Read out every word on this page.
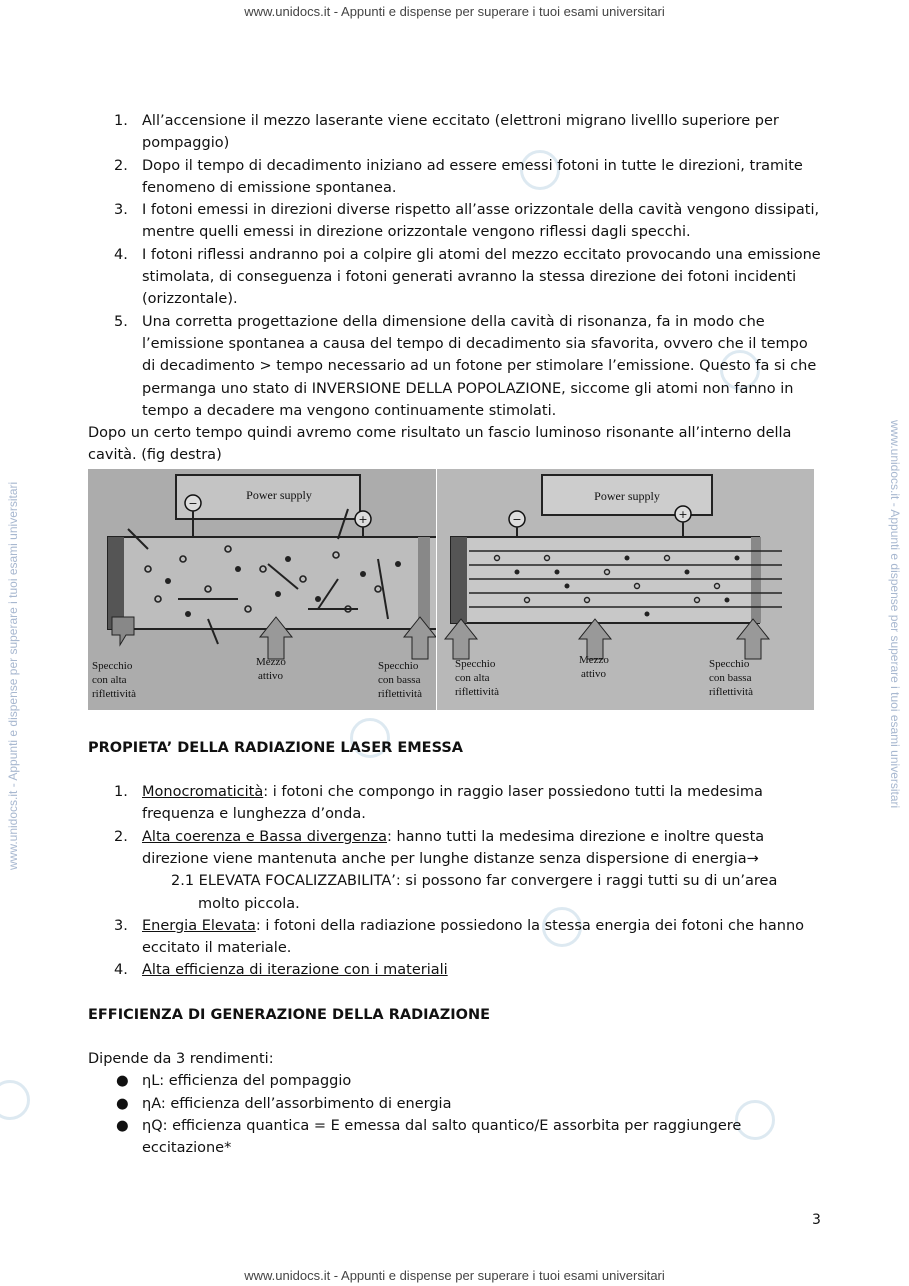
www.unidocs.it - Appunti e dispense per superare i tuoi esami universitari
www.unidocs.it - Appunti e dispense per superare i tuoi esami universitari
www.unidocs.it - Appunti e dispense per superare i tuoi esami universitari	www.unidocs.it - Appunti e dispense per superare i tuoi esami universitari
1. All’accensione il mezzo laserante viene eccitato (elettroni migrano livelllo superiore per pompaggio)
2. Dopo il tempo di decadimento iniziano ad essere emessi fotoni in tutte le direzioni, tramite fenomeno di emissione spontanea.
3. I fotoni emessi in direzioni diverse rispetto all’asse orizzontale della cavità vengono dissipati, mentre quelli emessi in direzione orizzontale vengono riflessi dagli specchi.
4. I fotoni riflessi andranno poi a colpire gli atomi del mezzo eccitato provocando una emissione stimolata, di conseguenza i fotoni generati avranno la stessa direzione dei fotoni incidenti (orizzontale).
5. Una corretta progettazione della dimensione della cavità di risonanza, fa in modo che l’emissione spontanea a causa del tempo di decadimento sia sfavorita, ovvero che il tempo di decadimento > tempo necessario ad un fotone per stimolare l’emissione. Questo fa si che permanga uno stato di INVERSIONE DELLA POPOLAZIONE, siccome gli atomi non fanno in tempo a decadere ma vengono continuamente stimolati.

Dopo un certo tempo quindi avremo come risultato un fascio luminoso risonante all’interno della cavità. (fig destra)

Power supply
−
+
Specchio
con alta
riflettività
Mezzo
attivo
Specchio
con bassa
riflettività
Power supply
−	+
Specchio
con alta
riflettività
Mezzo
attivo
Specchio
con bassa
riflettività

PROPIETA’ DELLA RADIAZIONE LASER EMESSA

1. Monocromaticità: i fotoni che compongo in raggio laser possiedono tutti la medesima frequenza e lunghezza d’onda.
2. Alta coerenza e Bassa divergenza: hanno tutti la medesima direzione e inoltre questa direzione viene mantenuta anche per lunghe distanze senza dispersione di energia→
2.1 ELEVATA FOCALIZZABILITA’: si possono far convergere i raggi tutti su di un’area
molto piccola.
3. Energia Elevata: i fotoni della radiazione possiedono la stessa energia dei fotoni che hanno eccitato il materiale.
4. Alta efficienza di iterazione con i materiali

EFFICIENZA DI GENERAZIONE DELLA RADIAZIONE

Dipende da 3 rendimenti:

● ηL: efficienza del pompaggio
● ηA: efficienza dell’assorbimento di energia
● ηQ: efficienza quantica = E emessa dal salto quantico/E assorbita per raggiungere eccitazione*
3
